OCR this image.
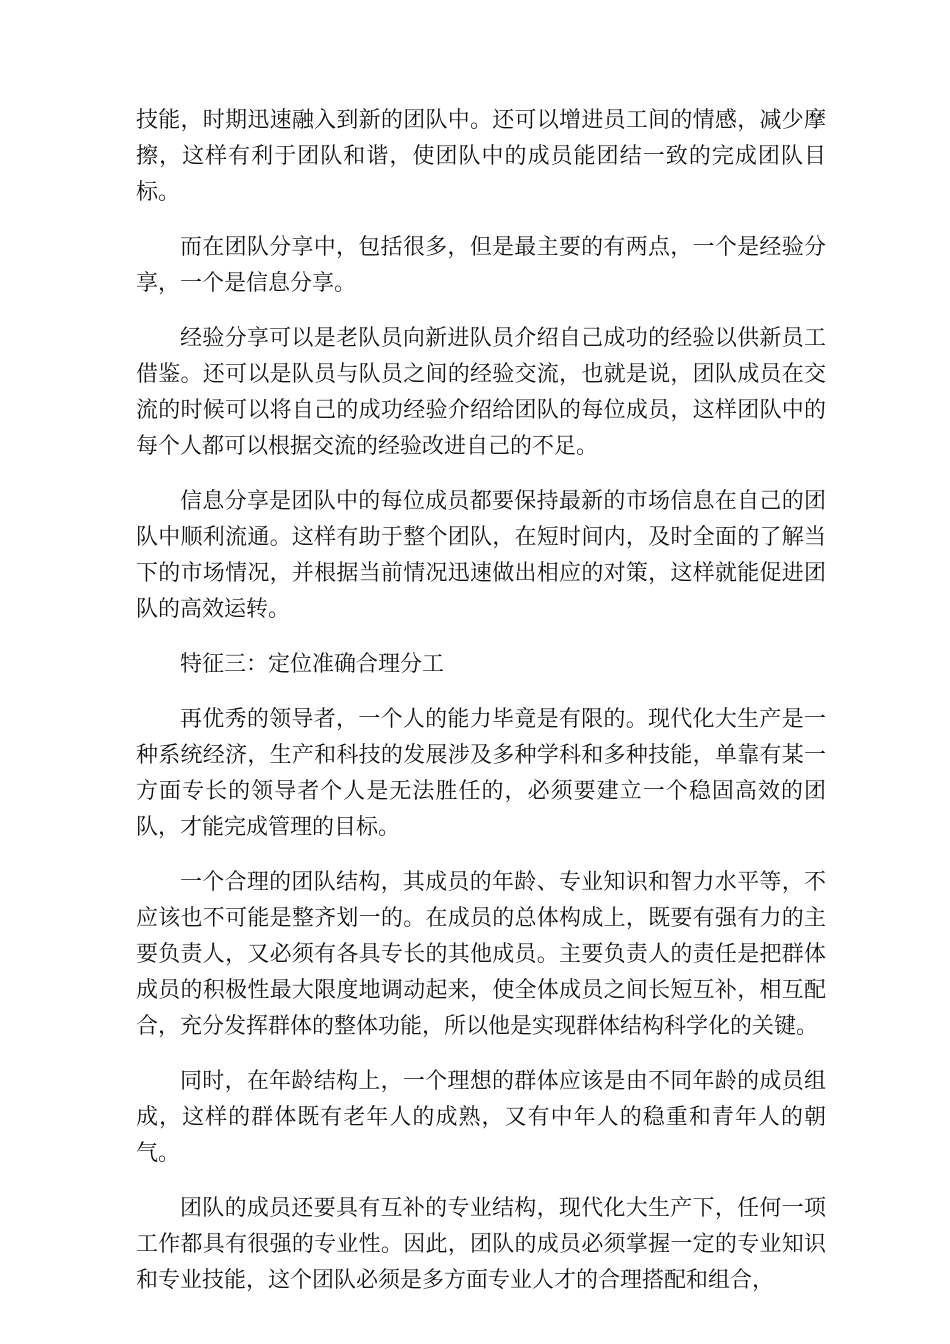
技能，时期迅速融入到新的团队中。还可以增进员工间的情感，减少摩擦，这样有利于团队和谐，使团队中的成员能团结一致的完成团队目标。

而在团队分享中，包括很多，但是最主要的有两点，一个是经验分享，一个是信息分享。

经验分享可以是老队员向新进队员介绍自己成功的经验以供新员工借鉴。还可以是队员与队员之间的经验交流，也就是说，团队成员在交流的时候可以将自己的成功经验介绍给团队的每位成员，这样团队中的每个人都可以根据交流的经验改进自己的不足。

信息分享是团队中的每位成员都要保持最新的市场信息在自己的团队中顺利流通。这样有助于整个团队，在短时间内，及时全面的了解当下的市场情况，并根据当前情况迅速做出相应的对策，这样就能促进团队的高效运转。

特征三：定位准确合理分工

再优秀的领导者，一个人的能力毕竟是有限的。现代化大生产是一种系统经济，生产和科技的发展涉及多种学科和多种技能，单靠有某一方面专长的领导者个人是无法胜任的，必须要建立一个稳固高效的团队，才能完成管理的目标。

一个合理的团队结构，其成员的年龄、专业知识和智力水平等，不应该也不可能是整齐划一的。在成员的总体构成上，既要有强有力的主要负责人，又必须有各具专长的其他成员。主要负责人的责任是把群体成员的积极性最大限度地调动起来，使全体成员之间长短互补，相互配合，充分发挥群体的整体功能，所以他是实现群体结构科学化的关键。

同时，在年龄结构上，一个理想的群体应该是由不同年龄的成员组成，这样的群体既有老年人的成熟，又有中年人的稳重和青年人的朝气。

团队的成员还要具有互补的专业结构，现代化大生产下，任何一项工作都具有很强的专业性。因此，团队的成员必须掌握一定的专业知识和专业技能，这个团队必须是多方面专业人才的合理搭配和组合，
